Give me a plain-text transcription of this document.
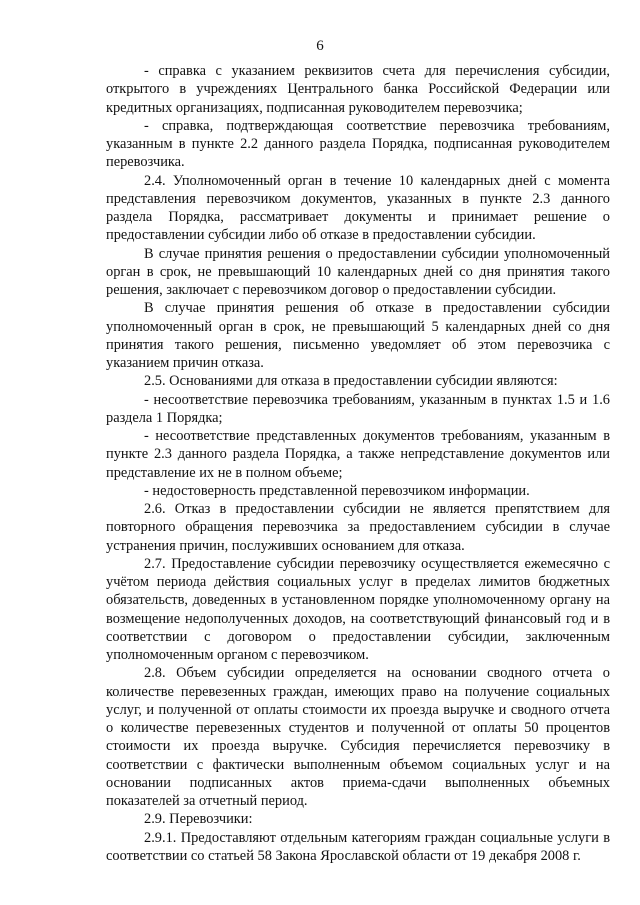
6

- справка с указанием реквизитов счета для перечисления субсидии, открытого в учреждениях Центрального банка Российской Федерации или кредитных организациях, подписанная руководителем перевозчика;

- справка, подтверждающая соответствие перевозчика требованиям, указанным в пункте 2.2 данного раздела Порядка, подписанная руководителем перевозчика.

2.4. Уполномоченный орган в течение 10 календарных дней с момента представления перевозчиком документов, указанных в пункте 2.3 данного раздела Порядка, рассматривает документы и принимает решение о предоставлении субсидии либо об отказе в предоставлении субсидии.

В случае принятия решения о предоставлении субсидии уполномоченный орган в срок, не превышающий 10 календарных дней со дня принятия такого решения, заключает с перевозчиком договор о предоставлении субсидии.

В случае принятия решения об отказе в предоставлении субсидии уполномоченный орган в срок, не превышающий 5 календарных дней со дня принятия такого решения, письменно уведомляет об этом перевозчика с указанием причин отказа.

2.5. Основаниями для отказа в предоставлении субсидии являются:

- несоответствие перевозчика требованиям, указанным в пунктах 1.5 и 1.6 раздела 1 Порядка;

- несоответствие представленных документов требованиям, указанным в пункте 2.3 данного раздела Порядка, а также непредставление документов или представление их не в полном объеме;

- недостоверность представленной перевозчиком информации.

2.6. Отказ в предоставлении субсидии не является препятствием для повторного обращения перевозчика за предоставлением субсидии в случае устранения причин, послуживших основанием для отказа.

2.7. Предоставление субсидии перевозчику осуществляется ежемесячно с учётом периода действия социальных услуг в пределах лимитов бюджетных обязательств, доведенных в установленном порядке уполномоченному органу на возмещение недополученных доходов, на соответствующий финансовый год и в соответствии с договором о предоставлении субсидии, заключенным уполномоченным органом с перевозчиком.

2.8. Объем субсидии определяется на основании сводного отчета о количестве перевезенных граждан, имеющих право на получение социальных услуг, и полученной от оплаты стоимости их проезда выручке и сводного отчета о количестве перевезенных студентов и полученной от оплаты 50 процентов стоимости их проезда выручке. Субсидия перечисляется перевозчику в соответствии с фактически выполненным объемом социальных услуг и на основании подписанных актов приема-сдачи выполненных объемных показателей за отчетный период.

2.9. Перевозчики:

2.9.1. Предоставляют отдельным категориям граждан социальные услуги в соответствии со статьей 58 Закона Ярославской области от 19 декабря 2008 г.
